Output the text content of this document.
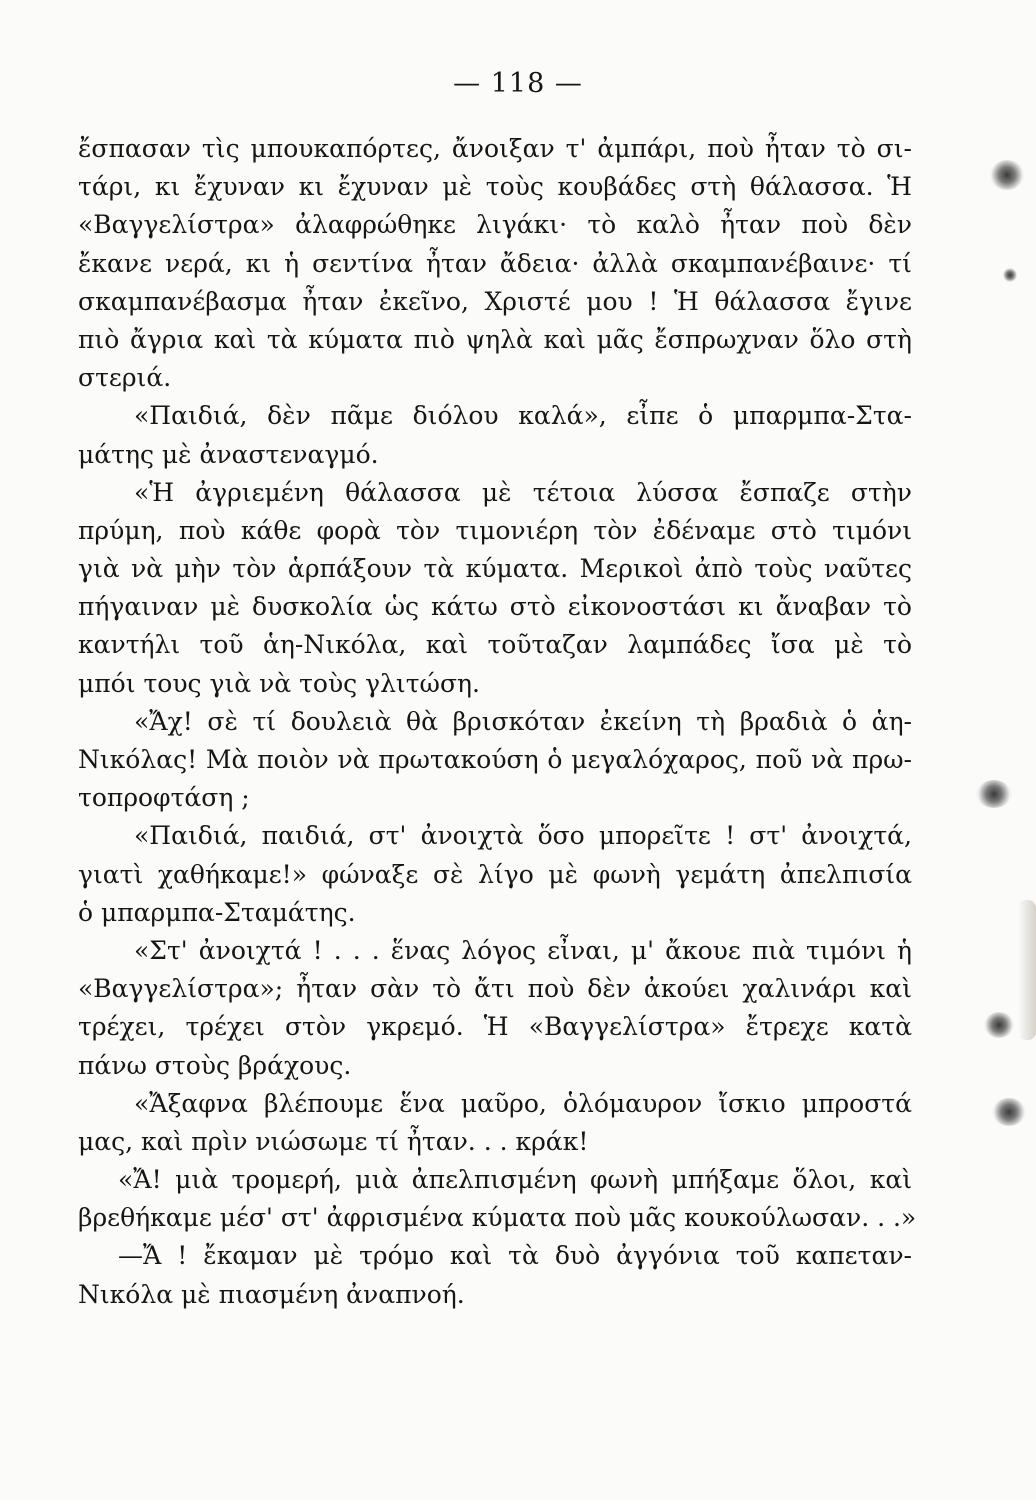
— 118 —
ἔσπασαν τὶς μπουκαπόρτες, ἄνοιξαν τ' ἀμπάρι, ποὺ ἦταν τὸ σι-
τάρι, κι ἔχυναν κι ἔχυναν μὲ τοὺς κουβάδες στὴ θάλασσα. Ἡ
«Βαγγελίστρα» ἀλαφρώθηκε λιγάκι· τὸ καλὸ ἦταν ποὺ δὲν
ἔκανε νερά, κι ἡ σεντίνα ἦταν ἄδεια· ἀλλὰ σκαμπανέβαινε· τί
σκαμπανέβασμα ἦταν ἐκεῖνο, Χριστέ μου ! Ἡ θάλασσα ἔγινε
πιὸ ἄγρια καὶ τὰ κύματα πιὸ ψηλὰ καὶ μᾶς ἔσπρωχναν ὅλο στὴ
στεριά.
«Παιδιά, δὲν πᾶμε διόλου καλά», εἶπε ὁ μπαρμπα-Στα-
μάτης μὲ ἀναστεναγμό.
«Ἡ ἀγριεμένη θάλασσα μὲ τέτοια λύσσα ἔσπαζε στὴν
πρύμη, ποὺ κάθε φορὰ τὸν τιμονιέρη τὸν ἐδέναμε στὸ τιμόνι
γιὰ νὰ μὴν τὸν ἁρπάξουν τὰ κύματα. Μερικοὶ ἀπὸ τοὺς ναῦτες
πήγαιναν μὲ δυσκολία ὡς κάτω στὸ εἰκονοστάσι κι ἄναβαν τὸ
καντήλι τοῦ ἁη-Νικόλα, καὶ τοῦταζαν λαμπάδες ἴσα μὲ τὸ
μπόι τους γιὰ νὰ τοὺς γλιτώση.
«Ἄχ! σὲ τί δουλειὰ θὰ βρισκόταν ἐκείνη τὴ βραδιὰ ὁ ἁη-
Νικόλας! Μὰ ποιὸν νὰ πρωτακούση ὁ μεγαλόχαρος, ποῦ νὰ πρω-
τοπροφτάση ;
«Παιδιά, παιδιά, στ' ἀνοιχτὰ ὅσο μπορεῖτε ! στ' ἀνοιχτά,
γιατὶ χαθήκαμε!» φώναξε σὲ λίγο μὲ φωνὴ γεμάτη ἀπελπισία
ὁ μπαρμπα-Σταμάτης.
«Στ' ἀνοιχτά ! . . . ἕνας λόγος εἶναι, μ' ἄκουε πιὰ τιμόνι ἡ
«Βαγγελίστρα»; ἦταν σὰν τὸ ἄτι ποὺ δὲν ἀκούει χαλινάρι καὶ
τρέχει, τρέχει στὸν γκρεμό. Ἡ «Βαγγελίστρα» ἔτρεχε κατὰ
πάνω στοὺς βράχους.
«Ἄξαφνα βλέπουμε ἕνα μαῦρο, ὁλόμαυρον ἴσκιο μπροστά
μας, καὶ πρὶν νιώσωμε τί ἦταν. . . κράκ!
«Ἄ! μιὰ τρομερή, μιὰ ἀπελπισμένη φωνὴ μπήξαμε ὅλοι, καὶ
βρεθήκαμε μέσ' στ' ἀφρισμένα κύματα ποὺ μᾶς κουκούλωσαν. . .»
—Ἄ ! ἔκαμαν μὲ τρόμο καὶ τὰ δυὸ ἀγγόνια τοῦ καπεταν-
Νικόλα μὲ πιασμένη ἀναπνοή.
